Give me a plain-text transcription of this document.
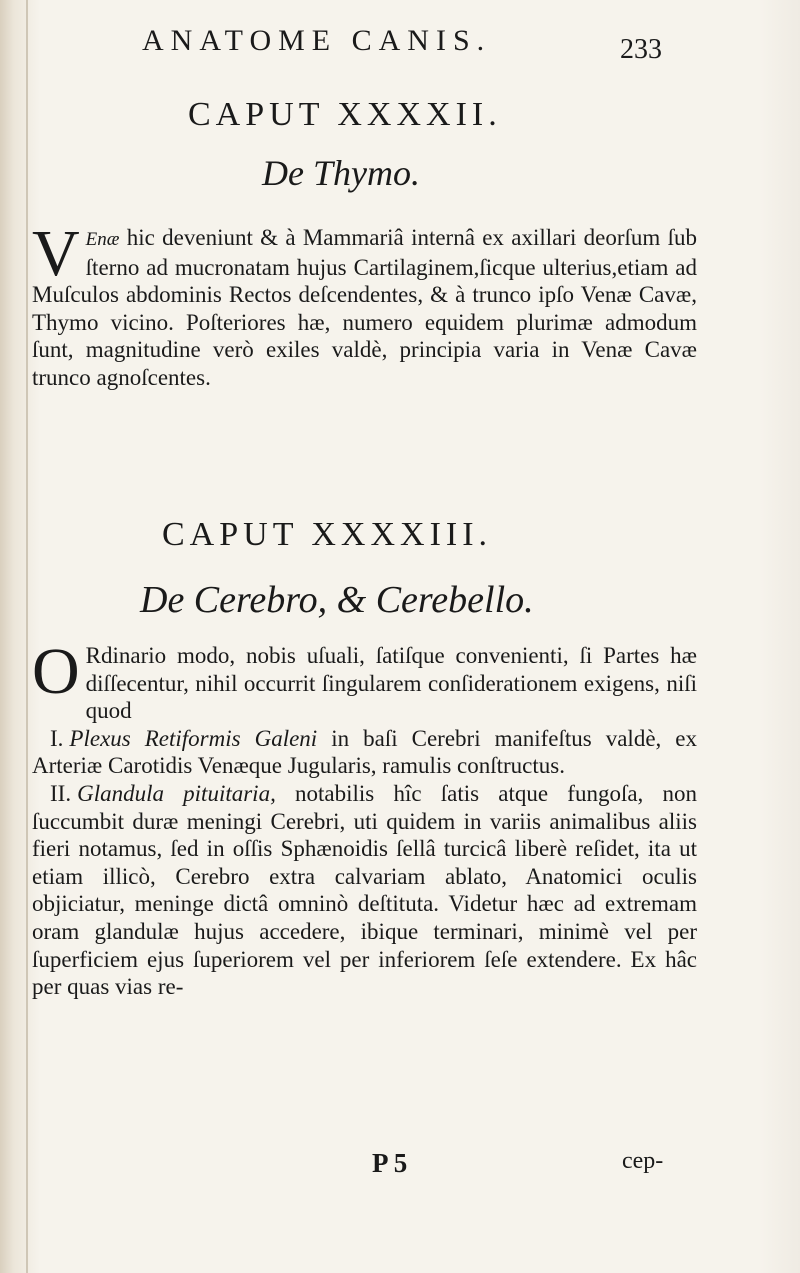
ANATOME CANIS.	233
CAPUT XXXXII.
De Thymo.
V Enæ hic deveniunt & à Mammariâ internâ ex axillari deorſum ſub ſterno ad mucronatam hujus Cartilaginem,ſicque ulterius,etiam ad Muſculos abdominis Rectos deſcendentes, & à trunco ipſo Venæ Cavæ, Thymo vicino. Poſteriores hæ, numero equidem plurimæ admodum ſunt, magnitudine verò exiles valdè, principia varia in Venæ Cavæ trunco agnoſcentes.
CAPUT XXXXIII.
De Cerebro, & Cerebello.
O Rdinario modo, nobis uſuali, ſatiſque convenienti, ſi Partes hæ diſſecentur, nihil occurrit ſingularem conſiderationem exigens, niſi quod
I. Plexus Retiformis Galeni in baſi Cerebri manifeſtus valdè, ex Arteriæ Carotidis Venæque Jugularis, ramulis conſtructus.
II. Glandula pituitaria, notabilis hîc ſatis atque fungoſa, non ſuccumbit duræ meningi Cerebri, uti quidem in variis animalibus aliis fieri notamus, ſed in oſſis Sphænoidis ſellâ turcicâ liberè reſidet, ita ut etiam illicò, Cerebro extra calvariam ablato, Anatomici oculis objiciatur, meninge dictâ omninò deſtituta. Videtur hæc ad extremam oram glandulæ hujus accedere, ibique terminari, minimè vel per ſuperficiem ejus ſuperiorem vel per inferiorem ſeſe extendere. Ex hâc per quas vias re-
P 5	cep-
